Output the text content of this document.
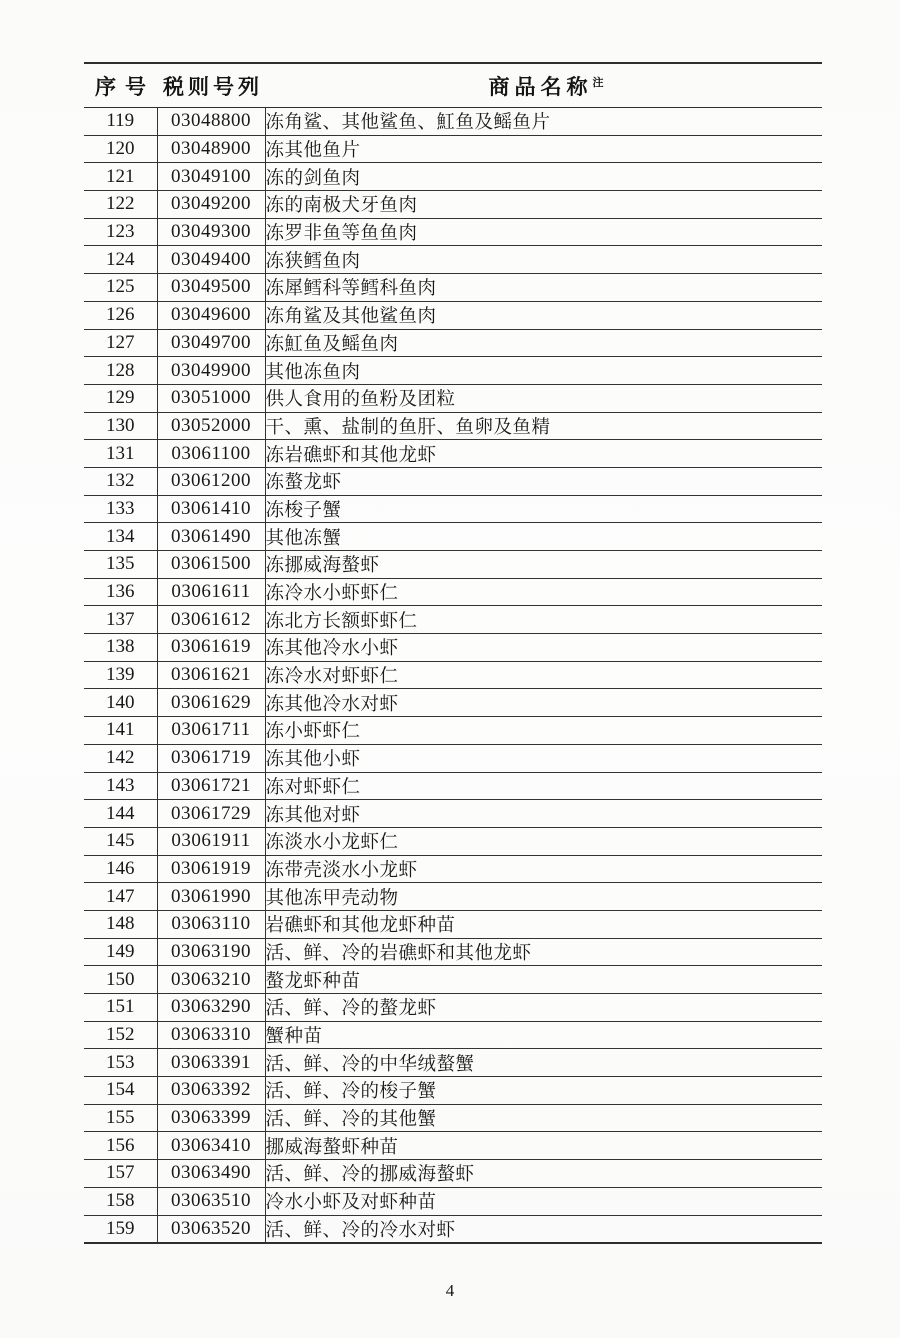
序号	税则号列	商品名称$^注$
119	03048800	冻角鲨、其他鲨鱼、魟鱼及鳐鱼片
120	03048900	冻其他鱼片
121	03049100	冻的剑鱼肉
122	03049200	冻的南极犬牙鱼肉
123	03049300	冻罗非鱼等鱼鱼肉
124	03049400	冻狭鳕鱼肉
125	03049500	冻犀鳕科等鳕科鱼肉
126	03049600	冻角鲨及其他鲨鱼肉
127	03049700	冻魟鱼及鳐鱼肉
128	03049900	其他冻鱼肉
129	03051000	供人食用的鱼粉及团粒
130	03052000	干、熏、盐制的鱼肝、鱼卵及鱼精
131	03061100	冻岩礁虾和其他龙虾
132	03061200	冻螯龙虾
133	03061410	冻梭子蟹
134	03061490	其他冻蟹
135	03061500	冻挪威海螯虾
136	03061611	冻冷水小虾虾仁
137	03061612	冻北方长额虾虾仁
138	03061619	冻其他冷水小虾
139	03061621	冻冷水对虾虾仁
140	03061629	冻其他冷水对虾
141	03061711	冻小虾虾仁
142	03061719	冻其他小虾
143	03061721	冻对虾虾仁
144	03061729	冻其他对虾
145	03061911	冻淡水小龙虾仁
146	03061919	冻带壳淡水小龙虾
147	03061990	其他冻甲壳动物
148	03063110	岩礁虾和其他龙虾种苗
149	03063190	活、鲜、冷的岩礁虾和其他龙虾
150	03063210	螯龙虾种苗
151	03063290	活、鲜、冷的螯龙虾
152	03063310	蟹种苗
153	03063391	活、鲜、冷的中华绒螯蟹
154	03063392	活、鲜、冷的梭子蟹
155	03063399	活、鲜、冷的其他蟹
156	03063410	挪威海螯虾种苗
157	03063490	活、鲜、冷的挪威海螯虾
158	03063510	冷水小虾及对虾种苗
159	03063520	活、鲜、冷的冷水对虾
4
